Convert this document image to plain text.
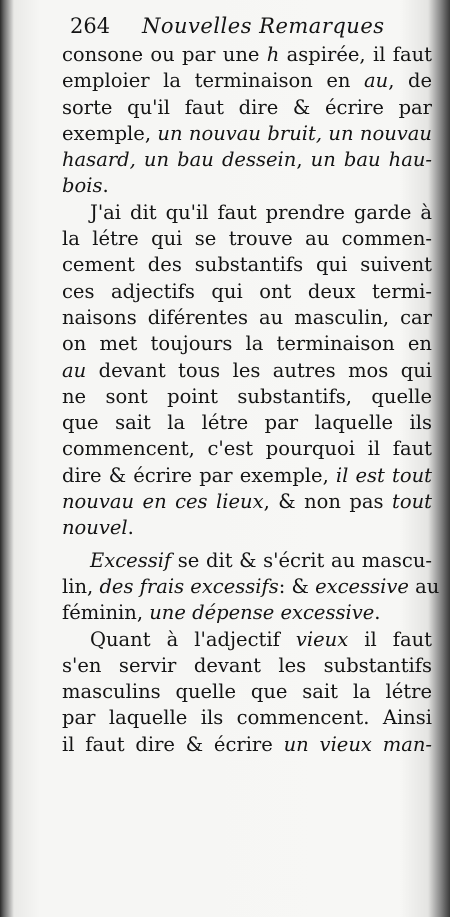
264 Nouvelles Remarques
consone ou par une h aspirée, il faut
emploier la terminaison en au, de
sorte qu'il faut dire & écrire par
exemple, un nouvau bruit, un nouvau
hasard, un bau dessein, un bau hau-
bois.
J'ai dit qu'il faut prendre garde à
la létre qui se trouve au commen-
cement des substantifs qui suivent
ces adjectifs qui ont deux termi-
naisons diférentes au masculin, car
on met toujours la terminaison en
au devant tous les autres mos qui
ne sont point substantifs, quelle
que sait la létre par laquelle ils
commencent, c'est pourquoi il faut
dire & écrire par exemple, il est tout
nouvau en ces lieux, & non pas tout
nouvel.
Excessif se dit & s'écrit au mascu-
lin, des frais excessifs: & excessive au
féminin, une dépense excessive.
Quant à l'adjectif vieux il faut
s'en servir devant les substantifs
masculins quelle que sait la létre
par laquelle ils commencent. Ainsi
il faut dire & écrire un vieux man-
